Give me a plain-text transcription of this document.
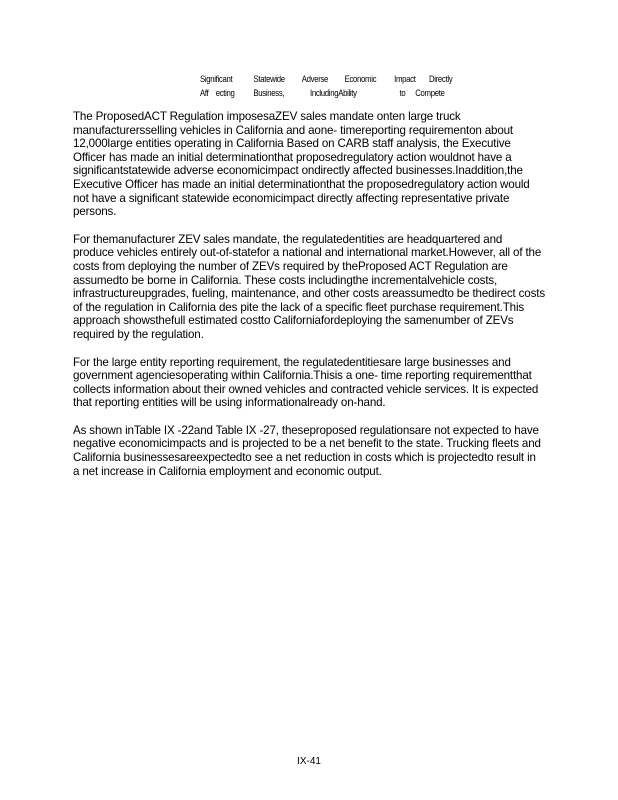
Significant	Statewide	Adverse	Economic	Impact	Directly
Aff ecting	Business,	IncludingAbility	to	Compete

The ProposedACT Regulation imposesaZEV sales mandate onten large truck manufacturersselling vehicles in California and aone- timereporting requirementon about 12,000large entities operating in California Based on CARB staff analysis, the Executive Officer has made an initial determinationthat proposedregulatory action wouldnot have a significantstatewide adverse economicimpact ondirectly affected businesses.Inaddition,the Executive Officer has made an initial determinationthat the proposedregulatory action would not have a significant statewide economicimpact directly affecting representative private persons.

For themanufacturer ZEV sales mandate, the regulatedentities are headquartered and produce vehicles entirely out-of-statefor a national and international market.However, all of the costs from deploying the number of ZEVs required by theProposed ACT Regulation are assumedto be borne in California. These costs includingthe incrementalvehicle costs, infrastructureupgrades, fueling, maintenance, and other costs areassumedto be thedirect costs of the regulation in California des pite the lack of a specific fleet purchase requirement.This approach showsthefull estimated costto Californiafordeploying the samenumber of ZEVs required by the regulation.

For the large entity reporting requirement, the regulatedentitiesare large businesses and government agenciesoperating within California.Thisis a one- time reporting requirementthat collects information about their owned vehicles and contracted vehicle services. It is expected that reporting entities will be using informationalready on-hand.

As shown inTable IX -22and Table IX -27, theseproposed regulationsare not expected to have negative economicimpacts and is projected to be a net benefit to the state. Trucking fleets and California businessesareexpectedto see a net reduction in costs which is projectedto result in a net increase in California employment and economic output.

IX-41
